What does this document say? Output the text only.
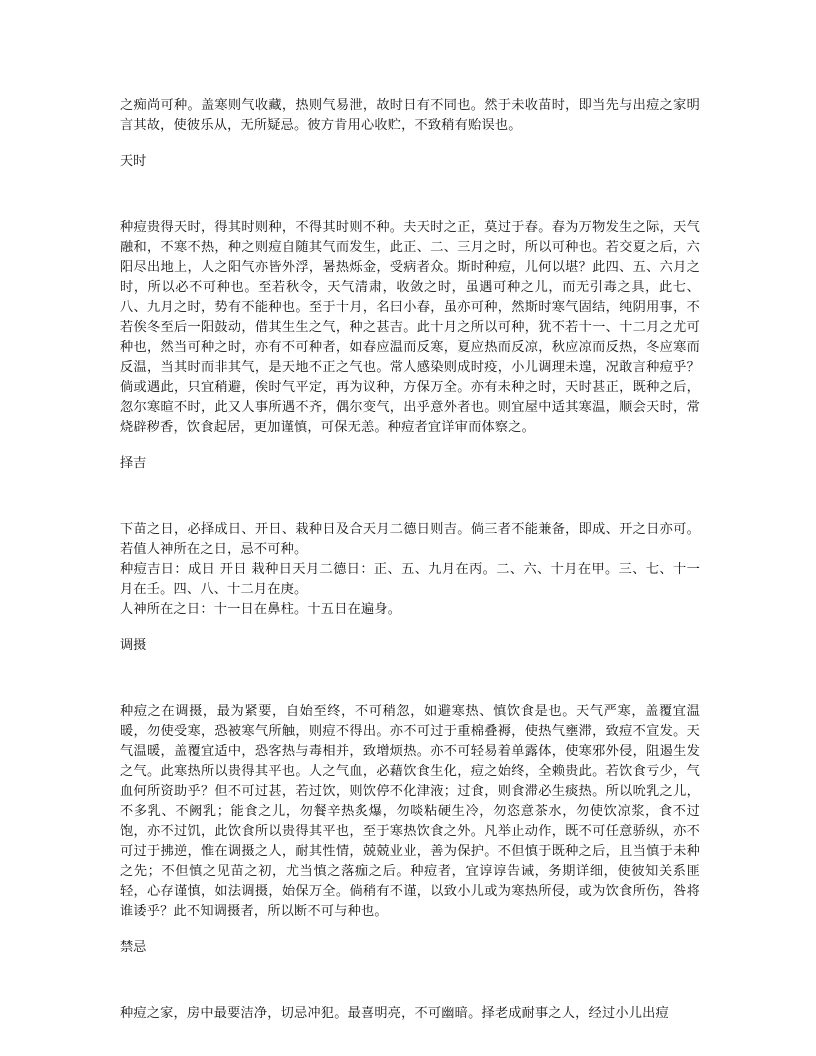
之痴尚可种。盖寒则气收藏，热则气易泄，故时日有不同也。然于未收苗时，即当先与出痘之家明言其故，使彼乐从，无所疑忌。彼方肯用心收贮，不致稍有贻误也。

天时

种痘贵得天时，得其时则种，不得其时则不种。夫天时之正，莫过于春。春为万物发生之际，天气融和，不寒不热，种之则痘自随其气而发生，此正、二、三月之时，所以可种也。若交夏之后，六阳尽出地上，人之阳气亦皆外浮，暑热烁金，受病者众。斯时种痘，儿何以堪？此四、五、六月之时，所以必不可种也。至若秋令，天气清肃，收敛之时，虽遇可种之儿，而无引毒之具，此七、八、九月之时，势有不能种也。至于十月，名曰小春，虽亦可种，然斯时寒气固结，纯阴用事，不若俟冬至后一阳鼓动，借其生生之气，种之甚吉。此十月之所以可种，犹不若十一、十二月之尤可种也，然当可种之时，亦有不可种者，如春应温而反寒，夏应热而反凉，秋应凉而反热，冬应寒而反温，当其时而非其气，是天地不正之气也。常人感染则成时疫，小儿调理未遑，况敢言种痘乎？倘或遇此，只宜稍避，俟时气平定，再为议种，方保万全。亦有未种之时，天时甚正，既种之后，忽尔寒暄不时，此又人事所遇不齐，偶尔变气，出乎意外者也。则宜屋中适其寒温，顺会天时，常烧辟秽香，饮食起居，更加谨慎，可保无恙。种痘者宜详审而体察之。

择吉

下苗之日，必择成日、开日、栽种日及合天月二德日则吉。倘三者不能兼备，即成、开之日亦可。若值人神所在之日，忌不可种。

种痘吉日：成日 开日 栽种日天月二德日：正、五、九月在丙。二、六、十月在甲。三、七、十一月在壬。四、八、十二月在庚。

人神所在之日：十一日在鼻柱。十五日在遍身。

调摄

种痘之在调摄，最为紧要，自始至终，不可稍忽，如避寒热、慎饮食是也。天气严寒，盖覆宜温暖，勿使受寒，恐被寒气所触，则痘不得出。亦不可过于重棉叠褥，使热气壅滞，致痘不宣发。天气温暖，盖覆宜适中，恐客热与毒相并，致增烦热。亦不可轻易着单露体，使寒邪外侵，阻遏生发之气。此寒热所以贵得其平也。人之气血，必藉饮食生化，痘之始终，全赖贵此。若饮食亏少，气血何所资助乎？但不可过甚，若过饮，则饮停不化津液；过食，则食滞必生痰热。所以吮乳之儿，不多乳、不阙乳；能食之儿，勿餐辛热炙爆，勿啖粘硬生冷，勿恣意茶水，勿使饮凉浆，食不过饱，亦不过饥，此饮食所以贵得其平也，至于寒热饮食之外。凡举止动作，既不可任意骄纵，亦不可过于拂逆，惟在调摄之人，耐其性情，兢兢业业，善为保护。不但慎于既种之后，且当慎于未种之先；不但慎之见苗之初，尤当慎之落痂之后。种痘者，宜谆谆告诫，务期详细，使彼知关系匪轻，心存谨慎，如法调摄，始保万全。倘稍有不谨，以致小儿或为寒热所侵，或为饮食所伤，咎将谁诿乎？此不知调摄者，所以断不可与种也。

禁忌

种痘之家，房中最要洁净，切忌冲犯。最喜明亮，不可幽暗。择老成耐事之人，经过小儿出痘
